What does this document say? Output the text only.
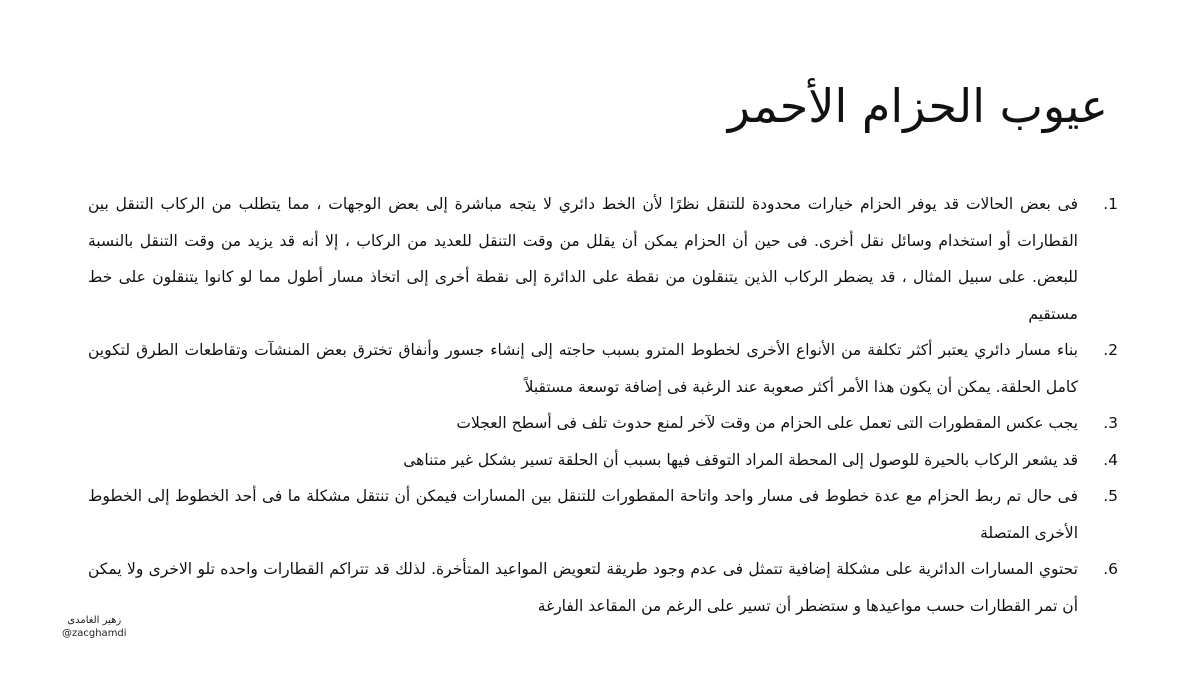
عيوب الحزام الأحمر
.1
فى بعض الحالات قد يوفر الحزام خيارات محدودة للتنقل نظرًا لأن الخط دائري لا يتجه مباشرة إلى بعض الوجهات ، مما يتطلب من الركاب التنقل بين القطارات أو استخدام وسائل نقل أخرى. فى حين أن الحزام يمكن أن يقلل من وقت التنقل للعديد من الركاب ، إلا أنه قد يزيد من وقت التنقل بالنسبة للبعض. على سبيل المثال ، قد يضطر الركاب الذين يتنقلون من نقطة على الدائرة إلى نقطة أخرى إلى اتخاذ مسار أطول مما لو كانوا يتنقلون على خط مستقيم
.2
بناء مسار دائري يعتبر أكثر تكلفة من الأنواع الأخرى لخطوط المترو بسبب حاجته إلى إنشاء جسور وأنفاق تخترق بعض المنشآت وتقاطعات الطرق لتكوين كامل الحلقة. يمكن أن يكون هذا الأمر أكثر صعوبة عند الرغبة فى إضافة توسعة مستقبلاً
.3
يجب عكس المقطورات التى تعمل على الحزام من وقت لآخر لمنع حدوث تلف فى أسطح العجلات
.4
قد يشعر الركاب بالحيرة للوصول إلى المحطة المراد التوقف فيها بسبب أن الحلقة تسير بشكل غير متناهى
.5
فى حال تم ربط الحزام مع عدة خطوط فى مسار واحد واتاحة المقطورات للتنقل بين المسارات فيمكن أن تنتقل مشكلة ما فى أحد الخطوط إلى الخطوط الأخرى المتصلة
.6
تحتوي المسارات الدائرية على مشكلة إضافية تتمثل فى عدم وجود طريقة لتعويض المواعيد المتأخرة. لذلك قد تتراكم القطارات واحده تلو الاخرى ولا يمكن أن تمر القطارات حسب مواعيدها و ستضطر أن تسير على الرغم من المقاعد الفارغة
زهير الغامدى
@zacghamdi
